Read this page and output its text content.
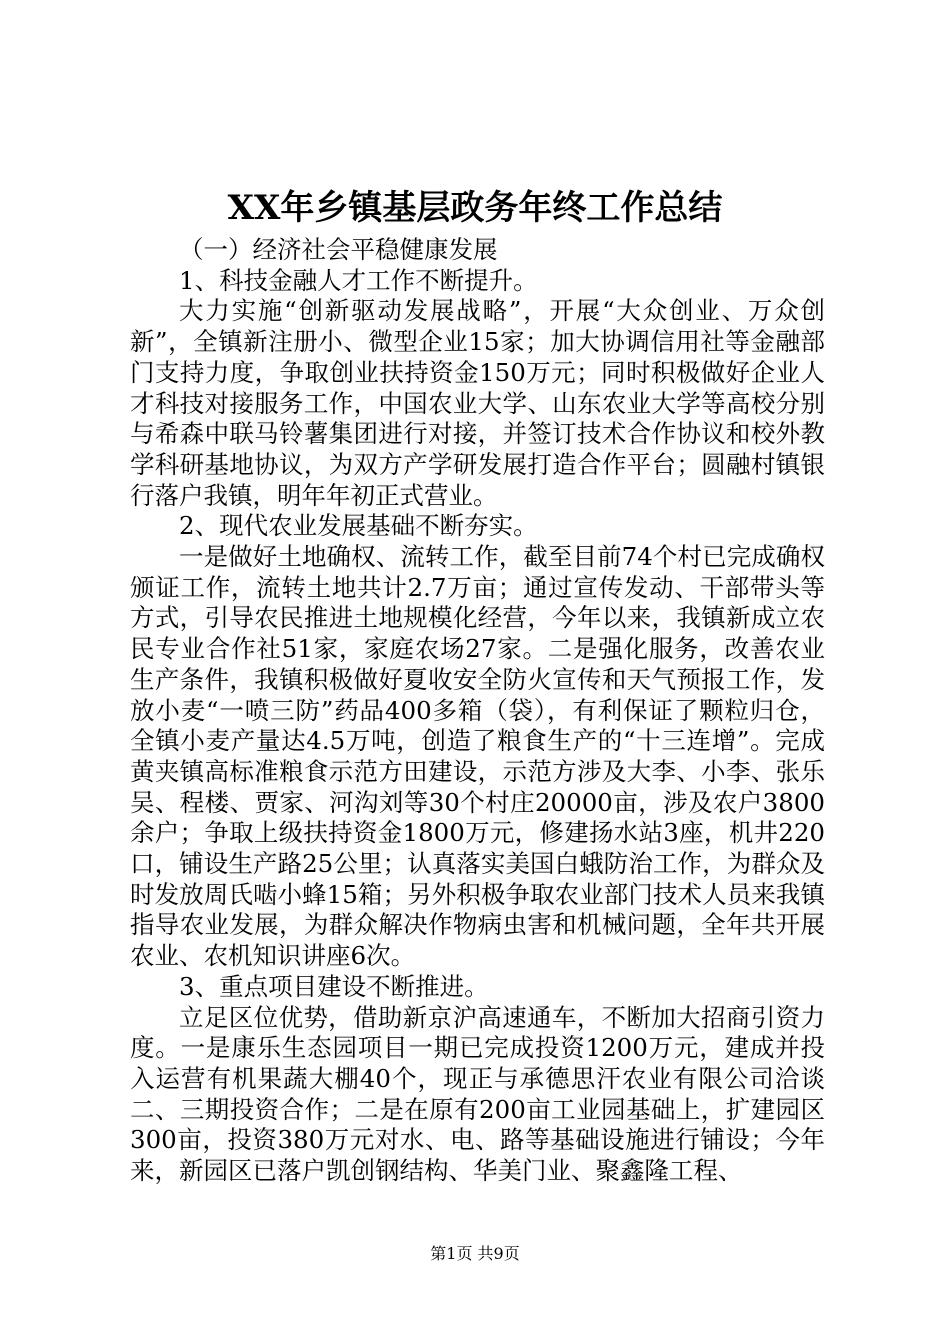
XX年乡镇基层政务年终工作总结

（一）经济社会平稳健康发展

1、科技金融人才工作不断提升。

大力实施“创新驱动发展战略”，开展“大众创业、万众创新”，全镇新注册小、微型企业15家；加大协调信用社等金融部门支持力度，争取创业扶持资金150万元；同时积极做好企业人才科技对接服务工作，中国农业大学、山东农业大学等高校分别与希森中联马铃薯集团进行对接，并签订技术合作协议和校外教学科研基地协议，为双方产学研发展打造合作平台；圆融村镇银行落户我镇，明年年初正式营业。

2、现代农业发展基础不断夯实。

一是做好土地确权、流转工作，截至目前74个村已完成确权颁证工作，流转土地共计2.7万亩；通过宣传发动、干部带头等方式，引导农民推进土地规模化经营，今年以来，我镇新成立农民专业合作社51家，家庭农场27家。二是强化服务，改善农业生产条件，我镇积极做好夏收安全防火宣传和天气预报工作，发放小麦“一喷三防”药品400多箱（袋），有利保证了颗粒归仓，全镇小麦产量达4.5万吨，创造了粮食生产的“十三连增”。完成黄夹镇高标准粮食示范方田建设，示范方涉及大李、小李、张乐吴、程楼、贾家、河沟刘等30个村庄20000亩，涉及农户3800余户；争取上级扶持资金1800万元，修建扬水站3座，机井220口，铺设生产路25公里；认真落实美国白蛾防治工作，为群众及时发放周氏啮小蜂15箱；另外积极争取农业部门技术人员来我镇指导农业发展，为群众解决作物病虫害和机械问题，全年共开展农业、农机知识讲座6次。

3、重点项目建设不断推进。

立足区位优势，借助新京沪高速通车，不断加大招商引资力度。一是康乐生态园项目一期已完成投资1200万元，建成并投入运营有机果蔬大棚40个，现正与承德思汗农业有限公司洽谈二、三期投资合作；二是在原有200亩工业园基础上，扩建园区300亩，投资380万元对水、电、路等基础设施进行铺设；今年来，新园区已落户凯创钢结构、华美门业、聚鑫隆工程、

第1页 共9页
